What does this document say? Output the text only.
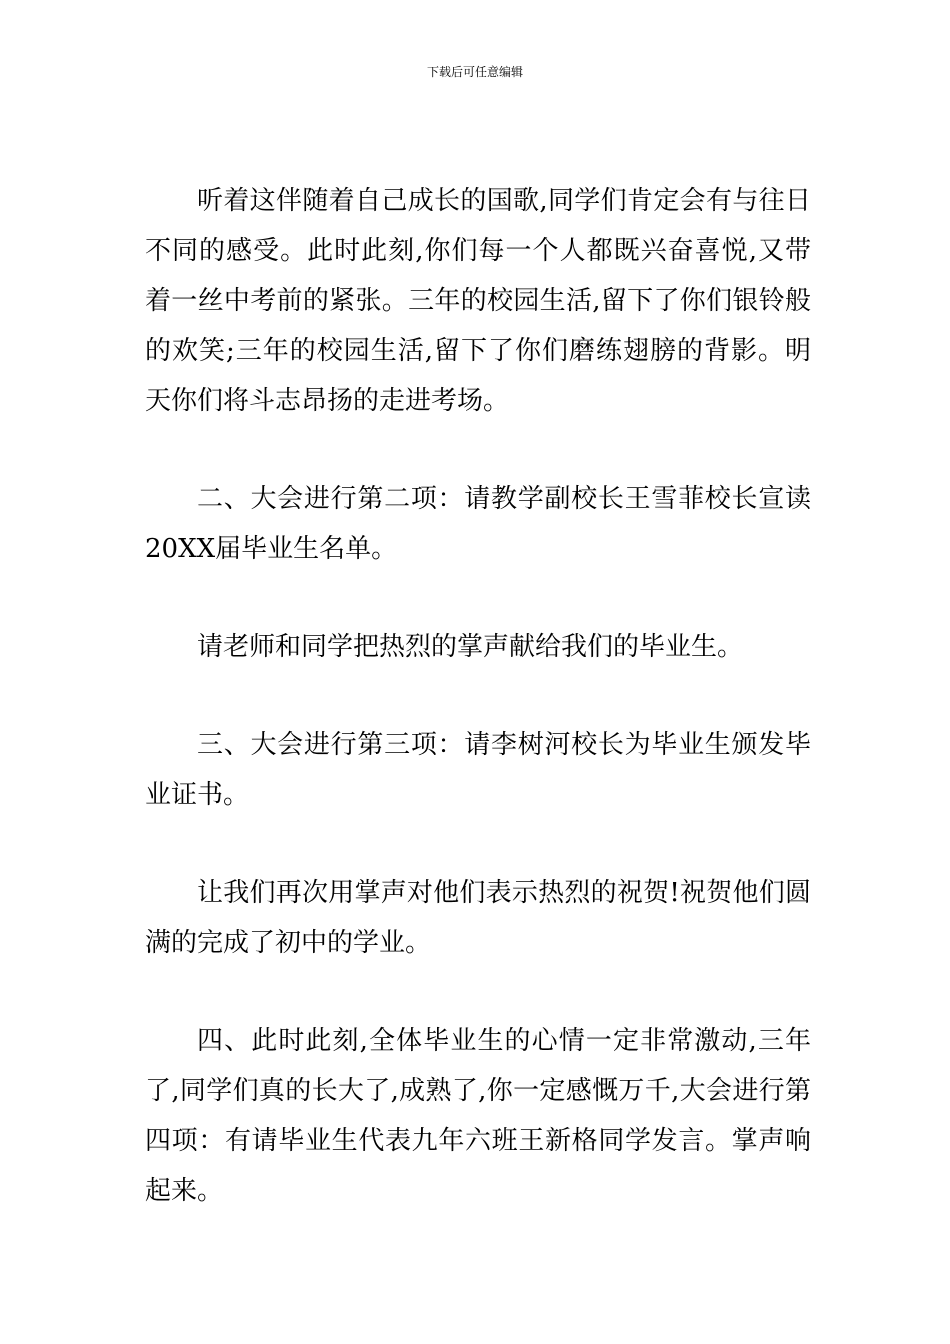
下载后可任意编辑

听着这伴随着自己成长的国歌,同学们肯定会有与往日不同的感受。此时此刻,你们每一个人都既兴奋喜悦,又带着一丝中考前的紧张。三年的校园生活,留下了你们银铃般的欢笑;三年的校园生活,留下了你们磨练翅膀的背影。明天你们将斗志昂扬的走进考场。

二、大会进行第二项：请教学副校长王雪菲校长宣读20XX届毕业生名单。

请老师和同学把热烈的掌声献给我们的毕业生。

三、大会进行第三项：请李树河校长为毕业生颁发毕业证书。

让我们再次用掌声对他们表示热烈的祝贺!祝贺他们圆满的完成了初中的学业。

四、此时此刻,全体毕业生的心情一定非常激动,三年了,同学们真的长大了,成熟了,你一定感慨万千,大会进行第四项：有请毕业生代表九年六班王新格同学发言。掌声响起来。
